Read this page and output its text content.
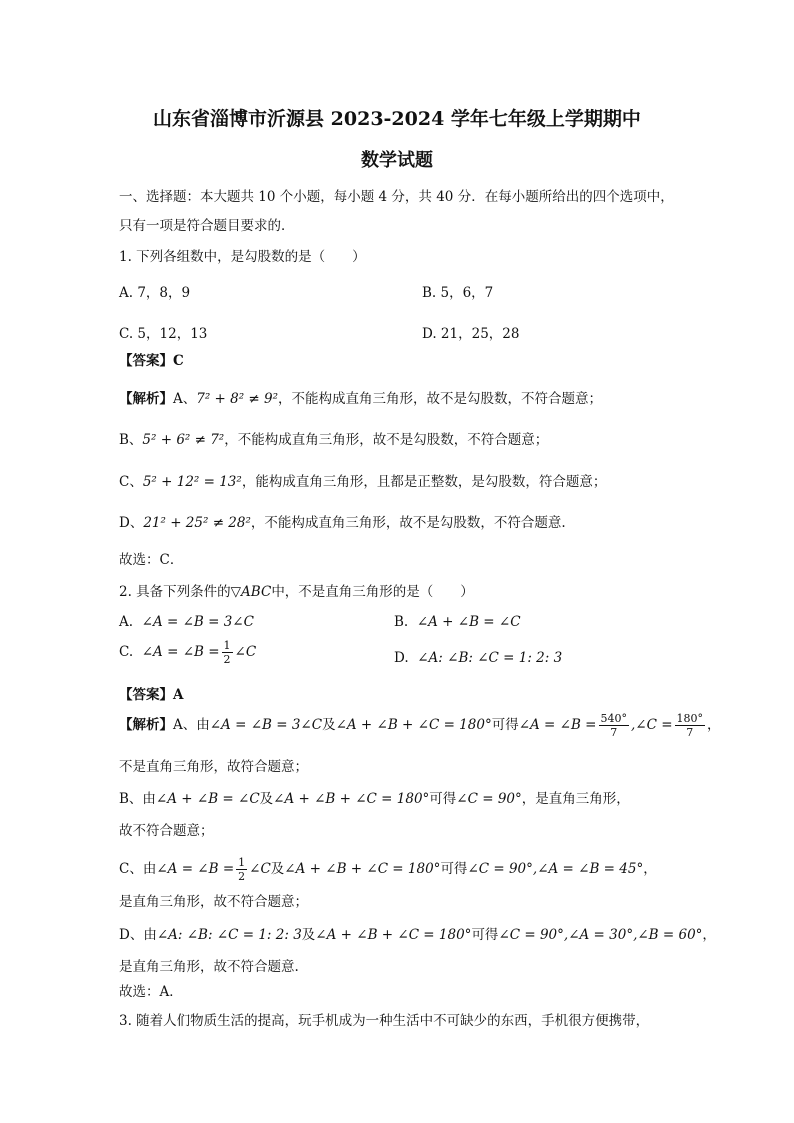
山东省淄博市沂源县 2023-2024 学年七年级上学期期中
数学试题
一、选择题：本大题共 10 个小题，每小题 4 分，共 40 分．在每小题所给出的四个选项中，
只有一项是符合题目要求的．
1. 下列各组数中，是勾股数的是（　　）
A. 7，8，9	B. 5，6，7
C. 5，12，13	D. 21，25，28
【答案】C
【解析】A、7² + 8² ≠ 9²，不能构成直角三角形，故不是勾股数，不符合题意；
B、5² + 6² ≠ 7²，不能构成直角三角形，故不是勾股数，不符合题意；
C、5² + 12² = 13²，能构成直角三角形，且都是正整数，是勾股数，符合题意；
D、21² + 25² ≠ 28²，不能构成直角三角形，故不是勾股数，不符合题意.
故选：C．
2. 具备下列条件的▽ABC中，不是直角三角形的是（　　）
A. ∠A = ∠B = 3∠C	B. ∠A + ∠B = ∠C
C. ∠A = ∠B = $\frac{1}{2}$ ∠C	D. ∠A: ∠B: ∠C = 1: 2: 3
【答案】A
【解析】A、由∠A = ∠B = 3∠C及∠A + ∠B + ∠C = 180°可得∠A = ∠B = $\frac{540^\circ}{7}$ ,∠C = $\frac{180^\circ}{7}$ ，
不是直角三角形，故符合题意；
B、由∠A + ∠B = ∠C及∠A + ∠B + ∠C = 180°可得∠C = 90°，是直角三角形，
故不符合题意；
C、由∠A = ∠B = $\frac{1}{2}$ ∠C及∠A + ∠B + ∠C = 180°可得∠C = 90°,∠A = ∠B = 45°，
是直角三角形，故不符合题意；
D、由∠A: ∠B: ∠C = 1: 2: 3及∠A + ∠B + ∠C = 180°可得∠C = 90°,∠A = 30°,∠B = 60°，
是直角三角形，故不符合题意.
故选：A．
3. 随着人们物质生活的提高，玩手机成为一种生活中不可缺少的东西，手机很方便携带，
